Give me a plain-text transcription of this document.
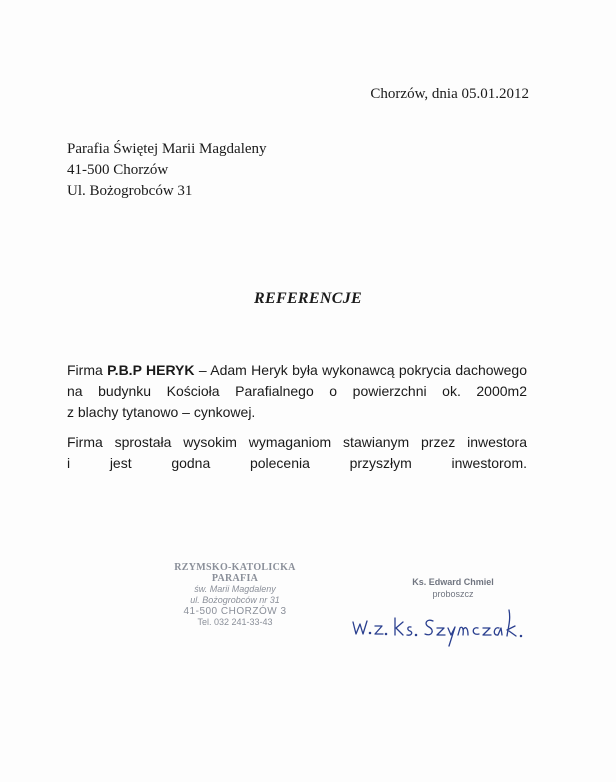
Chorzów, dnia 05.01.2012
Parafia Świętej Marii Magdaleny
41-500 Chorzów
Ul. Bożogrobców 31
REFERENCJE
Firma P.B.P HERYK – Adam Heryk była wykonawcą pokrycia dachowego
na budynku Kościoła Parafialnego o powierzchni ok. 2000m2
z blachy tytanowo – cynkowej.
Firma sprostała wysokim wymaganiom stawianym przez inwestora
i jest godna polecenia przyszłym inwestorom.
RZYMSKO-KATOLICKA PARAFIA
św. Marii Magdaleny
ul. Bożogrobców nr 31
41-500 CHORZÓW 3
Tel. 032 241-33-43
Ks. Edward Chmiel
proboszcz
